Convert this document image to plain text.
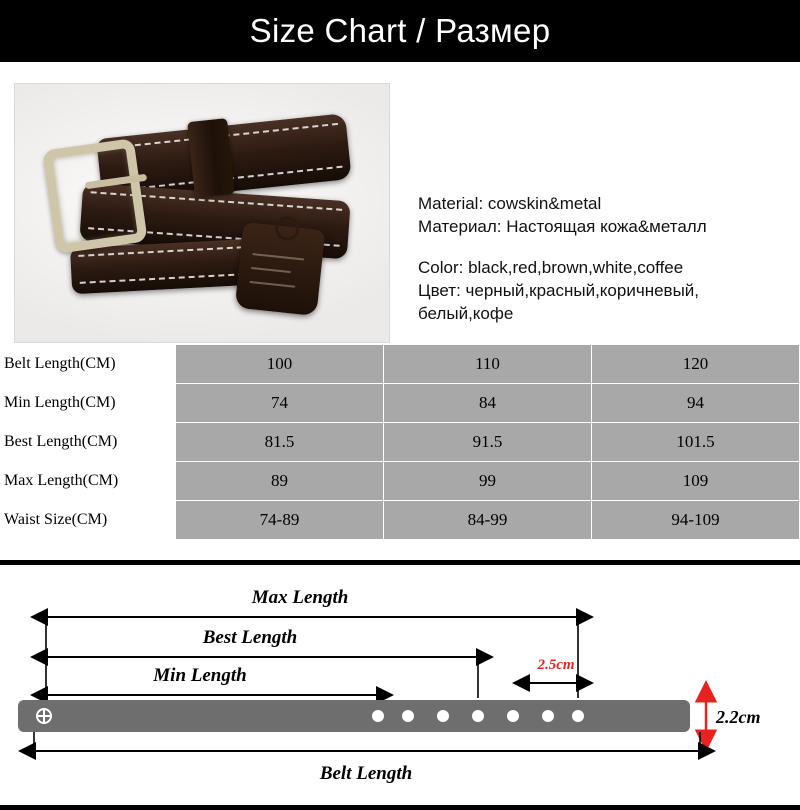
Size Chart / Размер
Material: cowskin&metal
Материал: Настоящая кожа&металл
Color: black,red,brown,white,coffee
Цвет: черный,красный,коричневый,
белый,кофе
Belt Length(CM)	100	110	120
Min Length(CM)	74	84	94
Best Length(CM)	81.5	91.5	101.5
Max Length(CM)	89	99	109
Waist Size(CM)	74-89	84-99	94-109
Max Length
Best Length
Min Length	2.5cm
2.2cm
Belt Length
